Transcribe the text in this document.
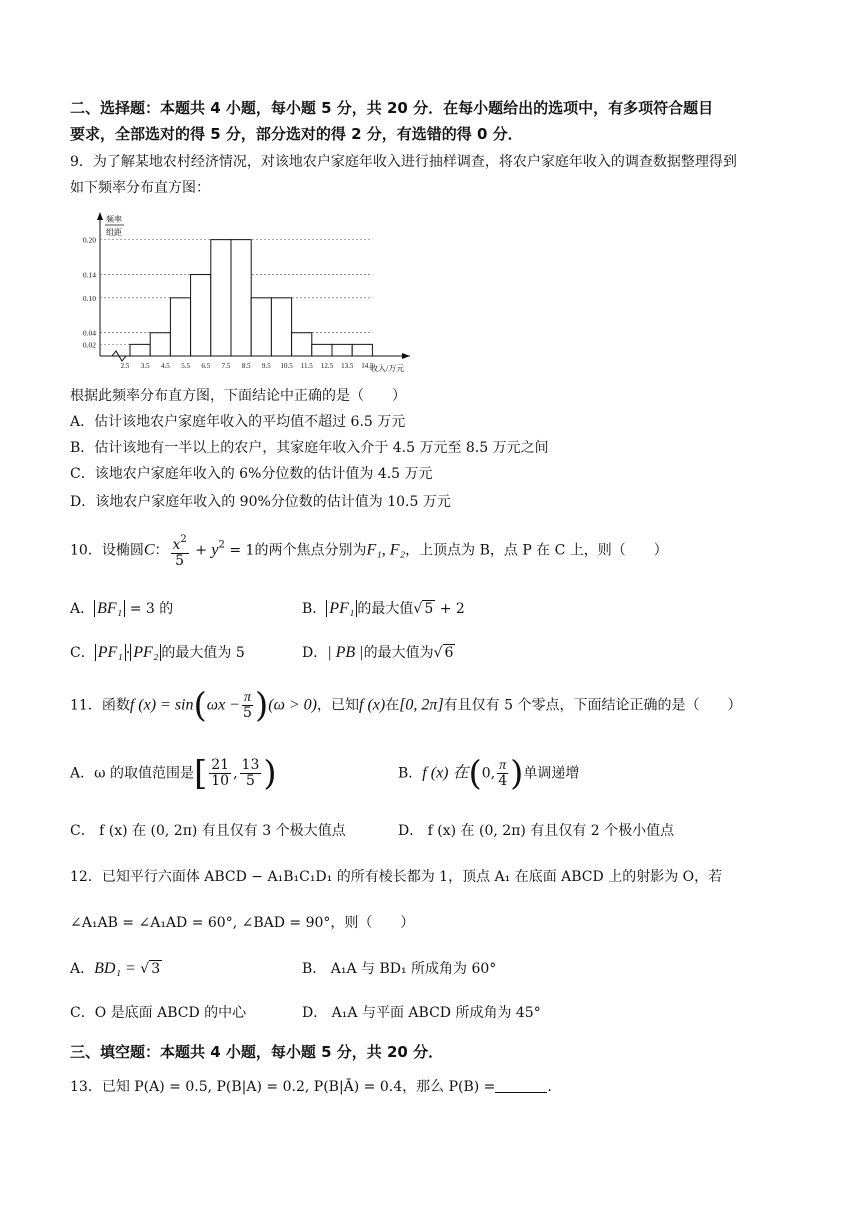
二、选择题：本题共 4 小题，每小题 5 分，共 20 分．在每小题给出的选项中，有多项符合题目
要求，全部选对的得 5 分，部分选对的得 2 分，有选错的得 0 分．
9．为了解某地农村经济情况，对该地农户家庭年收入进行抽样调查，将农户家庭年收入的调查数据整理得到
如下频率分布直方图：
频率
组距
0.20
0.14
0.10
0.04
0.02
2.5 3.5 4.5 5.5 6.5 7.5 8.5 9.5 10.5 11.5 12.5 13.5 14.5
收入/万元
根据此频率分布直方图，下面结论中正确的是（　　）
A．估计该地农户家庭年收入的平均值不超过 6.5 万元
B．估计该地有一半以上的农户，其家庭年收入介于 4.5 万元至 8.5 万元之间
C．该地农户家庭年收入的 6%分位数的估计值为 4.5 万元
D．该地农户家庭年收入的 90%分位数的估计值为 10.5 万元
10．设椭圆C： $\frac{x^2}{5} + y^2 = 1$的两个焦点分别为F₁, F₂，上顶点为 B，点 P 在 C 上，则（　　）
A． BF₁ = 3 的	B． PF₁ 的最大值√ 5 + 2
C． PF₁ · PF₂ 的最大值为 5	D．| PB |的最大值为√ 6
11．函数f $(x) = \sin(\omega x - \frac{\pi}{5} )(\omega > 0)$，已知f (x)在[0, 2π]有且仅有 5 个零点，下面结论正确的是（　　）
A．ω 的取值范围是[ $\frac{21}{10}$ , $\frac{13}{5}$ )	B．f (x) 在(0, $\frac{\pi}{4}$ )单调递增
C． f (x) 在 (0, 2π) 有且仅有 3 个极大值点	D． f (x) 在 (0, 2π) 有且仅有 2 个极小值点
12．已知平行六面体 ABCD − A₁B₁C₁D₁ 的所有棱长都为 1，顶点 A₁ 在底面 ABCD 上的射影为 O，若
∠A₁AB = ∠A₁AD = 60°, ∠BAD = 90°，则（　　）
A．BD₁ = √ 3	B． A₁A 与 BD₁ 所成角为 60°
C．O 是底面 ABCD 的中心	D． A₁A 与平面 ABCD 所成角为 45°
三、填空题：本题共 4 小题，每小题 5 分，共 20 分．
13．已知 P(A) = 0.5, P(B|A) = 0.2, P(B|Ā) = 0.4，那么 P(B) =	.
